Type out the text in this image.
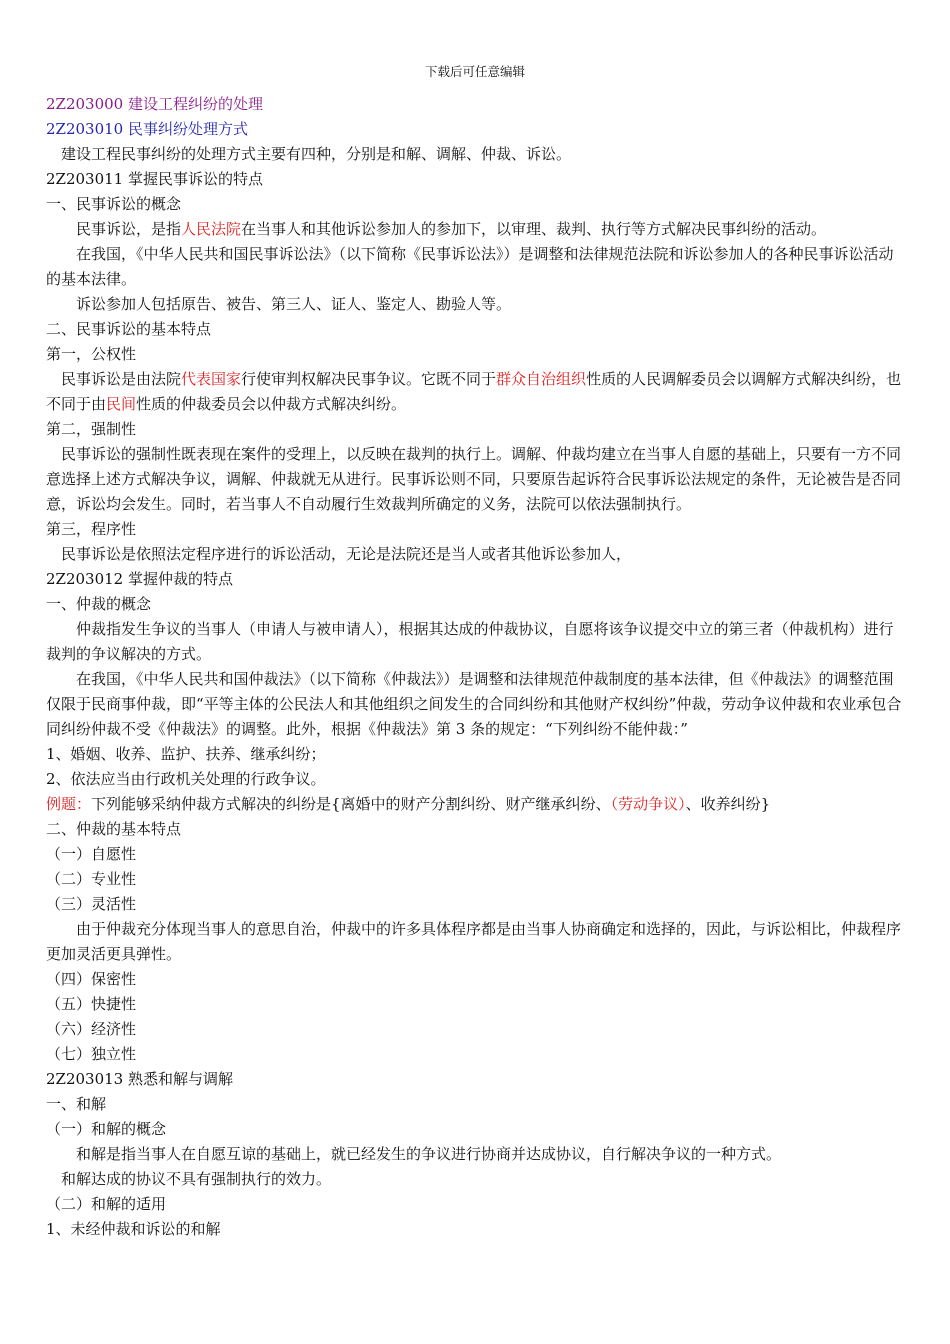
下载后可任意编辑

2Z203000 建设工程纠纷的处理

2Z203010 民事纠纷处理方式

建设工程民事纠纷的处理方式主要有四种，分别是和解、调解、仲裁、诉讼。

2Z203011 掌握民事诉讼的特点

一、民事诉讼的概念

民事诉讼，是指人民法院在当事人和其他诉讼参加人的参加下，以审理、裁判、执行等方式解决民事纠纷的活动。

在我国，《中华人民共和国民事诉讼法》（以下简称《民事诉讼法》）是调整和法律规范法院和诉讼参加人的各种民事诉讼活动的基本法律。

诉讼参加人包括原告、被告、第三人、证人、鉴定人、勘验人等。

二、民事诉讼的基本特点

第一，公权性

民事诉讼是由法院代表国家行使审判权解决民事争议。它既不同于群众自治组织性质的人民调解委员会以调解方式解决纠纷，也不同于由民间性质的仲裁委员会以仲裁方式解决纠纷。

第二，强制性

民事诉讼的强制性既表现在案件的受理上，以反映在裁判的执行上。调解、仲裁均建立在当事人自愿的基础上，只要有一方不同意选择上述方式解决争议，调解、仲裁就无从进行。民事诉讼则不同，只要原告起诉符合民事诉讼法规定的条件，无论被告是否同意，诉讼均会发生。同时，若当事人不自动履行生效裁判所确定的义务，法院可以依法强制执行。

第三，程序性

民事诉讼是依照法定程序进行的诉讼活动，无论是法院还是当人或者其他诉讼参加人，

2Z203012 掌握仲裁的特点

一、仲裁的概念

仲裁指发生争议的当事人（申请人与被申请人），根据其达成的仲裁协议，自愿将该争议提交中立的第三者（仲裁机构）进行裁判的争议解决的方式。

在我国，《中华人民共和国仲裁法》（以下简称《仲裁法》）是调整和法律规范仲裁制度的基本法律，但《仲裁法》的调整范围仅限于民商事仲裁，即“平等主体的公民法人和其他组织之间发生的合同纠纷和其他财产权纠纷”仲裁，劳动争议仲裁和农业承包合同纠纷仲裁不受《仲裁法》的调整。此外，根据《仲裁法》第 3 条的规定：“下列纠纷不能仲裁：”

1、婚姻、收养、监护、扶养、继承纠纷；

2、依法应当由行政机关处理的行政争议。

例题：下列能够采纳仲裁方式解决的纠纷是{离婚中的财产分割纠纷、财产继承纠纷、（劳动争议）、收养纠纷}

二、仲裁的基本特点

（一）自愿性

（二）专业性

（三）灵活性

由于仲裁充分体现当事人的意思自治，仲裁中的许多具体程序都是由当事人协商确定和选择的，因此，与诉讼相比，仲裁程序更加灵活更具弹性。

（四）保密性

（五）快捷性

（六）经济性

（七）独立性

2Z203013 熟悉和解与调解

一、和解

（一）和解的概念

和解是指当事人在自愿互谅的基础上，就已经发生的争议进行协商并达成协议，自行解决争议的一种方式。

和解达成的协议不具有强制执行的效力。

（二）和解的适用

1、未经仲裁和诉讼的和解
